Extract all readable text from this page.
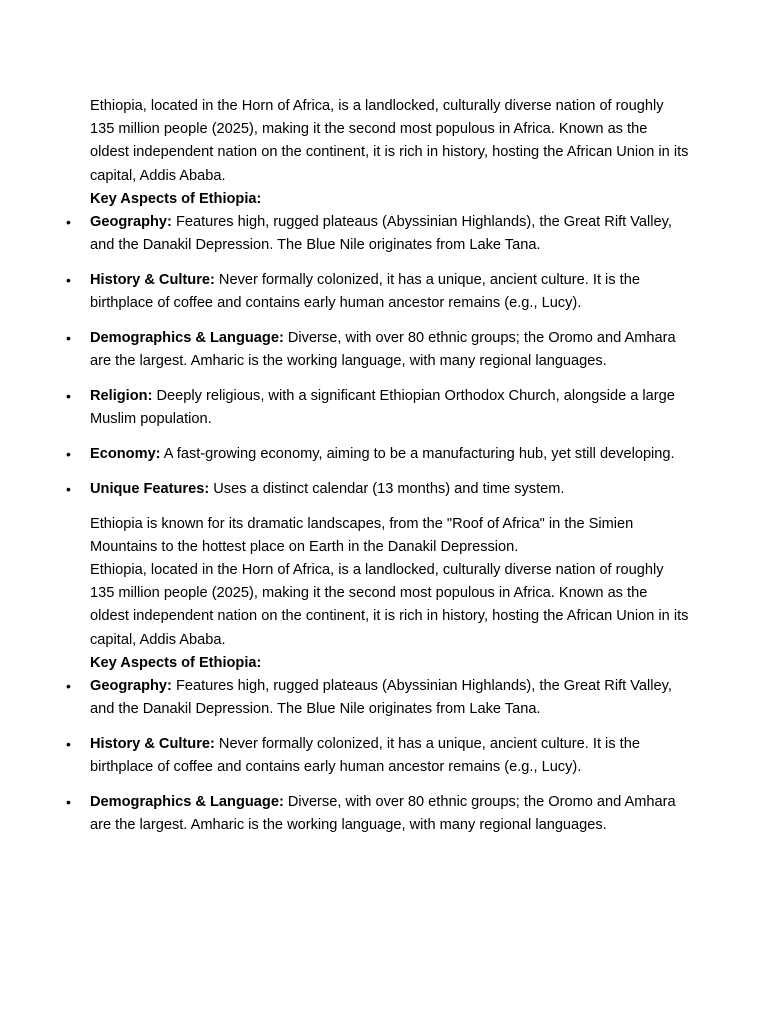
Ethiopia, located in the Horn of Africa, is a landlocked, culturally diverse nation of roughly 135 million people (2025), making it the second most populous in Africa. Known as the oldest independent nation on the continent, it is rich in history, hosting the African Union in its capital, Addis Ababa.

Key Aspects of Ethiopia:

• Geography: Features high, rugged plateaus (Abyssinian Highlands), the Great Rift Valley, and the Danakil Depression. The Blue Nile originates from Lake Tana.
• History & Culture: Never formally colonized, it has a unique, ancient culture. It is the birthplace of coffee and contains early human ancestor remains (e.g., Lucy).
• Demographics & Language: Diverse, with over 80 ethnic groups; the Oromo and Amhara are the largest. Amharic is the working language, with many regional languages.
• Religion: Deeply religious, with a significant Ethiopian Orthodox Church, alongside a large Muslim population.
• Economy: A fast-growing economy, aiming to be a manufacturing hub, yet still developing.
• Unique Features: Uses a distinct calendar (13 months) and time system.

Ethiopia is known for its dramatic landscapes, from the "Roof of Africa" in the Simien Mountains to the hottest place on Earth in the Danakil Depression.

Ethiopia, located in the Horn of Africa, is a landlocked, culturally diverse nation of roughly 135 million people (2025), making it the second most populous in Africa. Known as the oldest independent nation on the continent, it is rich in history, hosting the African Union in its capital, Addis Ababa.

Key Aspects of Ethiopia:

• Geography: Features high, rugged plateaus (Abyssinian Highlands), the Great Rift Valley, and the Danakil Depression. The Blue Nile originates from Lake Tana.
• History & Culture: Never formally colonized, it has a unique, ancient culture. It is the birthplace of coffee and contains early human ancestor remains (e.g., Lucy).
• Demographics & Language: Diverse, with over 80 ethnic groups; the Oromo and Amhara are the largest. Amharic is the working language, with many regional languages.
